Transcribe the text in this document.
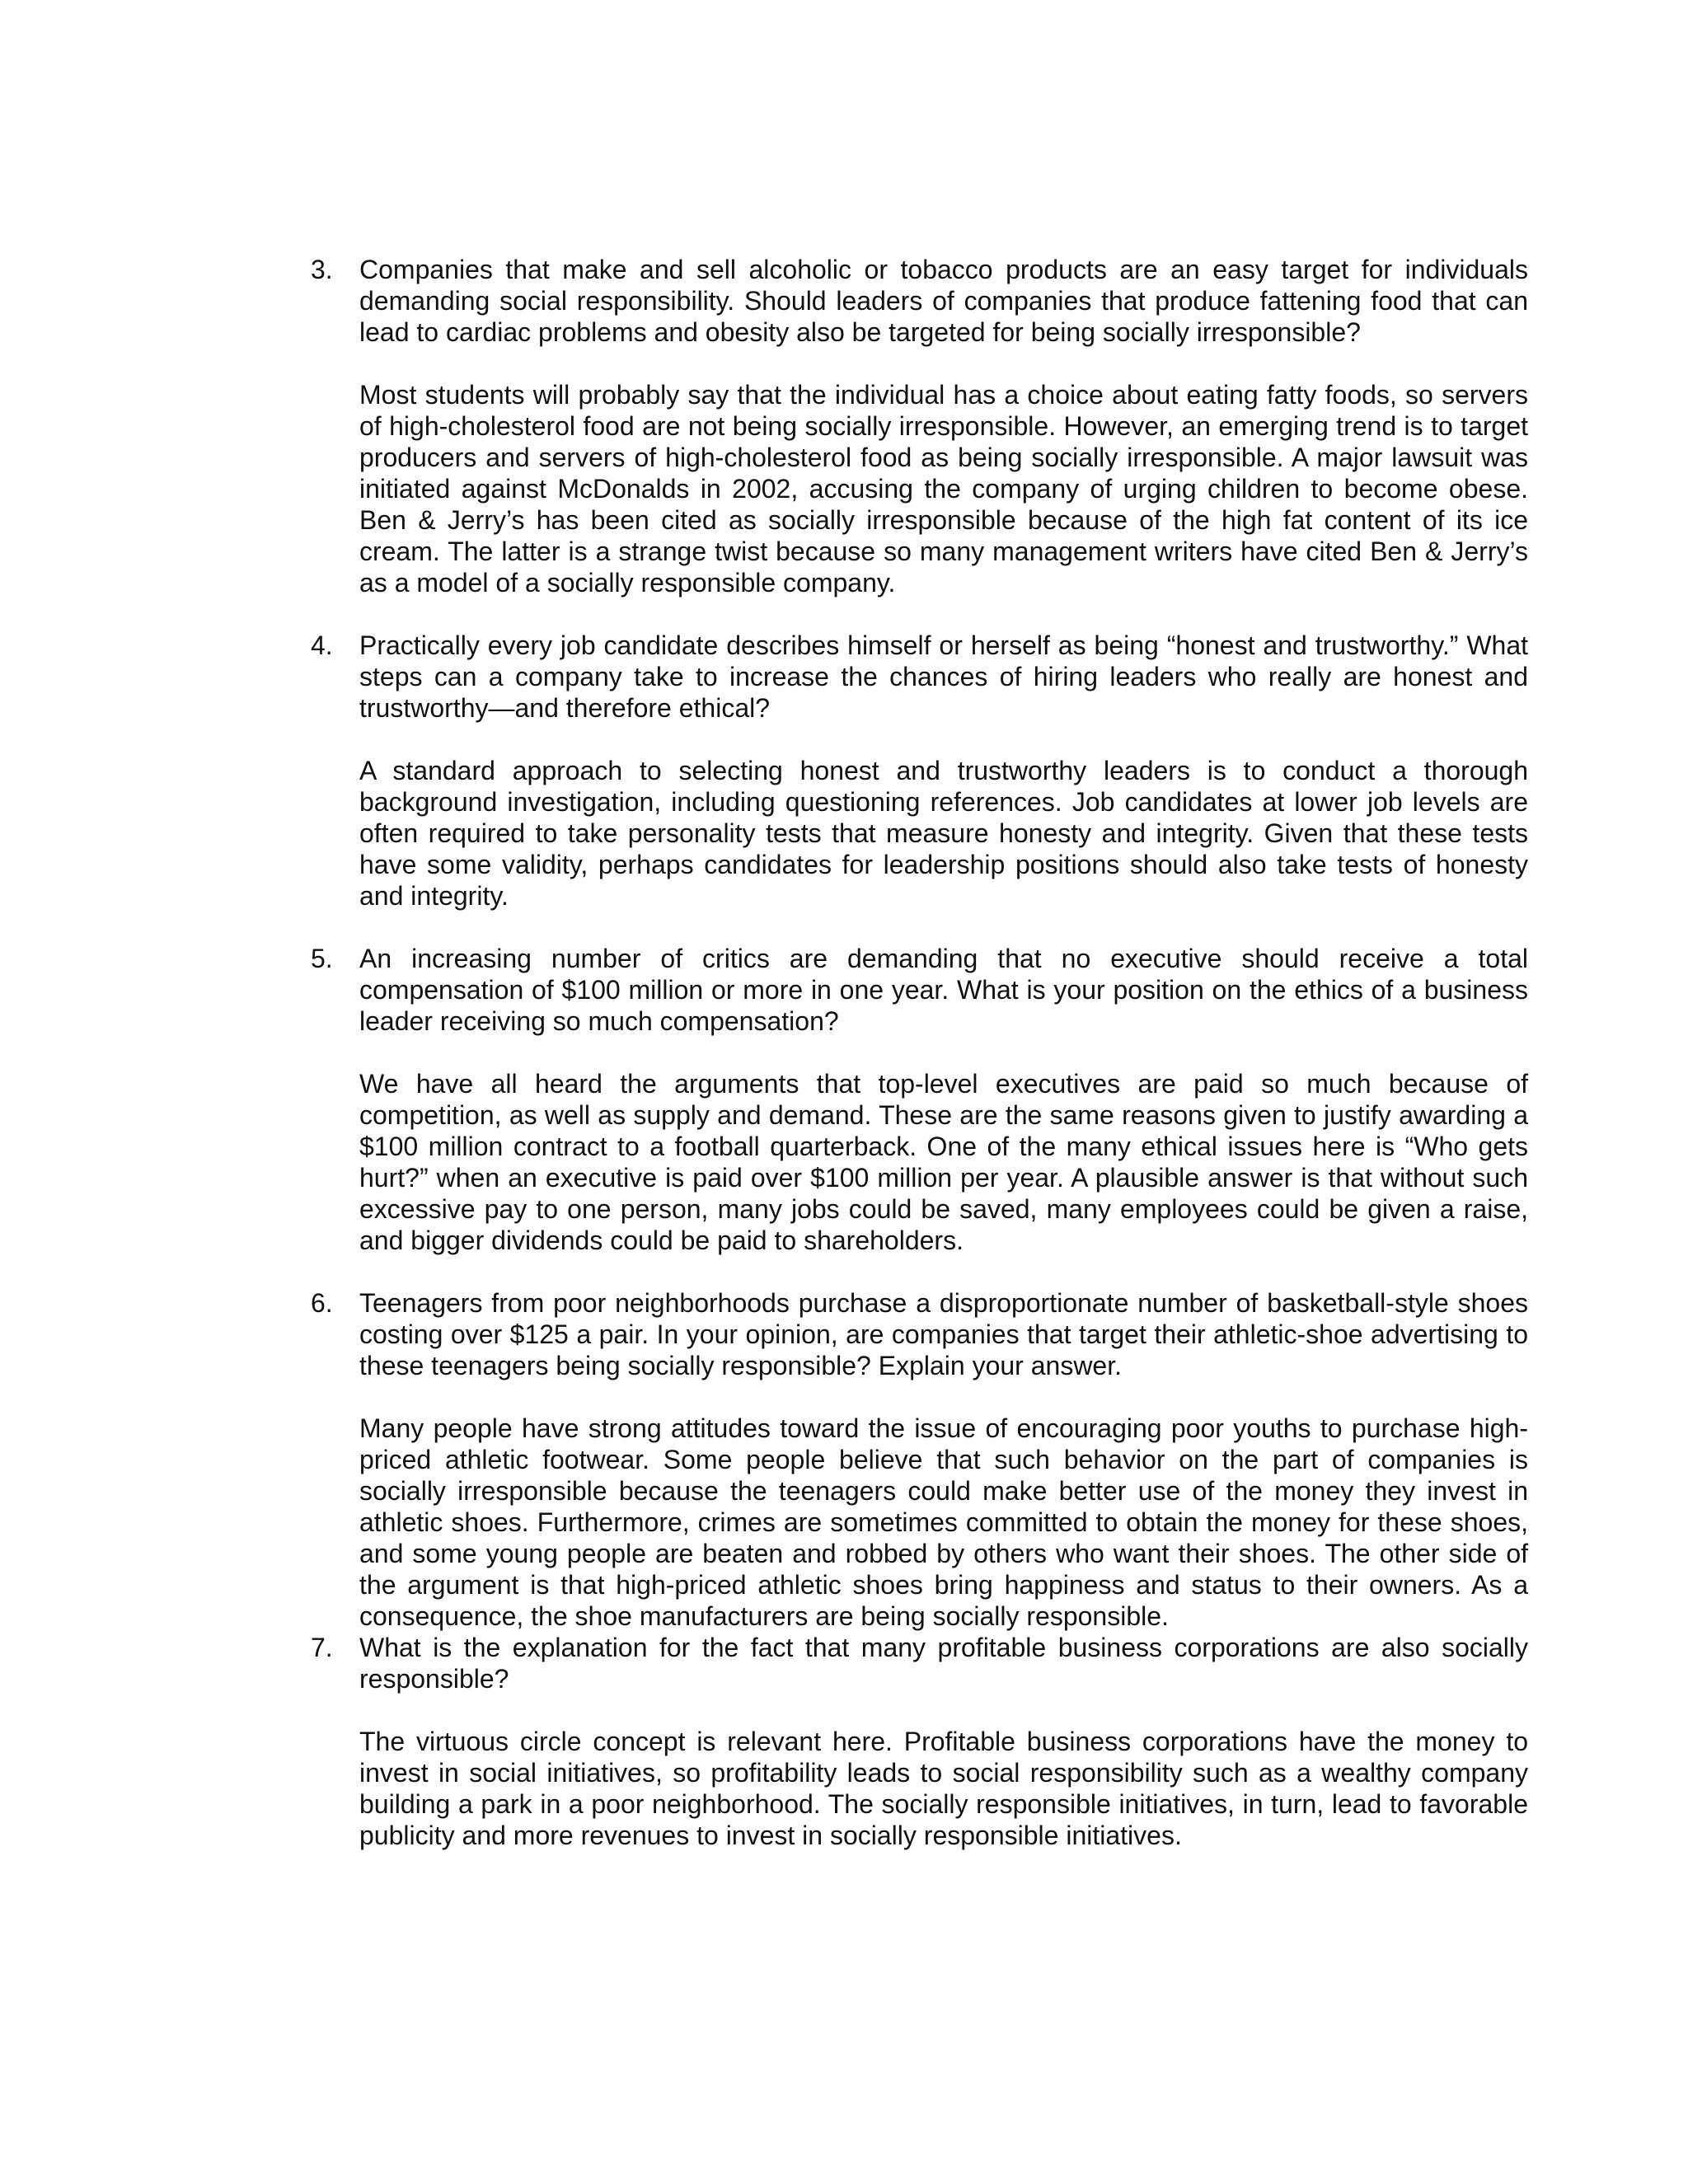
3.	Companies that make and sell alcoholic or tobacco products are an easy target for individuals demanding social responsibility. Should leaders of companies that produce fattening food that can lead to cardiac problems and obesity also be targeted for being socially irresponsible?

Most students will probably say that the individual has a choice about eating fatty foods, so servers of high-cholesterol food are not being socially irresponsible. However, an emerging trend is to target producers and servers of high-cholesterol food as being socially irresponsible. A major lawsuit was initiated against McDonalds in 2002, accusing the company of urging children to become obese. Ben & Jerry’s has been cited as socially irresponsible because of the high fat content of its ice cream. The latter is a strange twist because so many management writers have cited Ben & Jerry’s as a model of a socially responsible company.

4.	Practically every job candidate describes himself or herself as being “honest and trustworthy.” What steps can a company take to increase the chances of hiring leaders who really are honest and trustworthy—and therefore ethical?

A standard approach to selecting honest and trustworthy leaders is to conduct a thorough background investigation, including questioning references. Job candidates at lower job levels are often required to take personality tests that measure honesty and integrity. Given that these tests have some validity, perhaps candidates for leadership positions should also take tests of honesty and integrity.

5.	An increasing number of critics are demanding that no executive should receive a total compensation of $100 million or more in one year. What is your position on the ethics of a business leader receiving so much compensation?

We have all heard the arguments that top-level executives are paid so much because of competition, as well as supply and demand. These are the same reasons given to justify awarding a $100 million contract to a football quarterback. One of the many ethical issues here is “Who gets hurt?” when an executive is paid over $100 million per year. A plausible answer is that without such excessive pay to one person, many jobs could be saved, many employees could be given a raise, and bigger dividends could be paid to shareholders.

6.	Teenagers from poor neighborhoods purchase a disproportionate number of basketball-style shoes costing over $125 a pair. In your opinion, are companies that target their athletic-shoe advertising to these teenagers being socially responsible? Explain your answer.

Many people have strong attitudes toward the issue of encouraging poor youths to purchase high-priced athletic footwear. Some people believe that such behavior on the part of companies is socially irresponsible because the teenagers could make better use of the money they invest in athletic shoes. Furthermore, crimes are sometimes committed to obtain the money for these shoes, and some young people are beaten and robbed by others who want their shoes. The other side of the argument is that high-priced athletic shoes bring happiness and status to their owners. As a consequence, the shoe manufacturers are being socially responsible.

7.	What is the explanation for the fact that many profitable business corporations are also socially responsible?

The virtuous circle concept is relevant here. Profitable business corporations have the money to invest in social initiatives, so profitability leads to social responsibility such as a wealthy company building a park in a poor neighborhood. The socially responsible initiatives, in turn, lead to favorable publicity and more revenues to invest in socially responsible initiatives.
